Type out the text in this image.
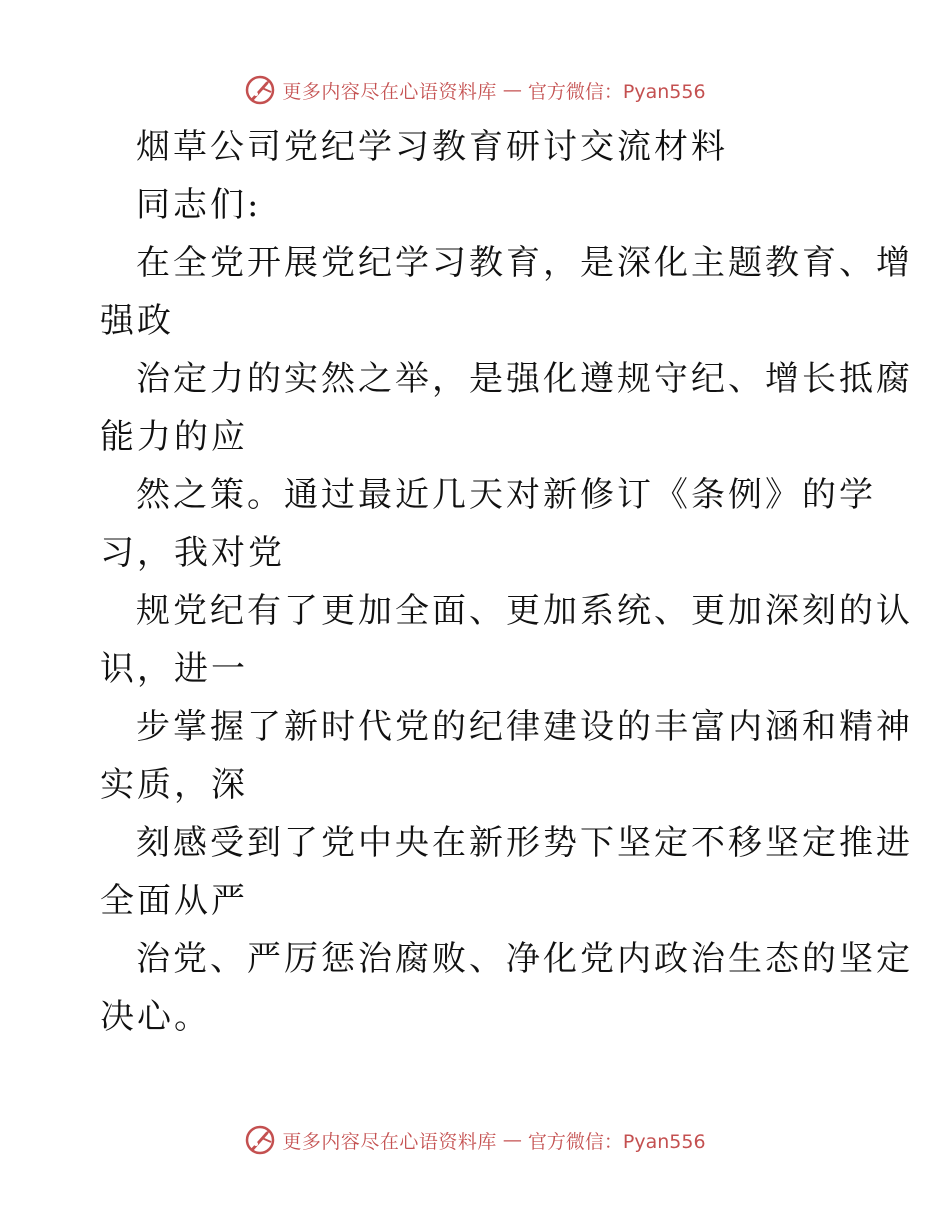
更多内容尽在心语资料库 — 官方微信：Pyan556
烟草公司党纪学习教育研讨交流材料
同志们:
在全党开展党纪学习教育，是深化主题教育、增
强政
治定力的实然之举，是强化遵规守纪、增长抵腐
能力的应
然之策。通过最近几天对新修订《条例》的学
习，我对党
规党纪有了更加全面、更加系统、更加深刻的认
识，进一
步掌握了新时代党的纪律建设的丰富内涵和精神
实质，深
刻感受到了党中央在新形势下坚定不移坚定推进
全面从严
治党、严厉惩治腐败、净化党内政治生态的坚定
决心。
更多内容尽在心语资料库 — 官方微信：Pyan556
